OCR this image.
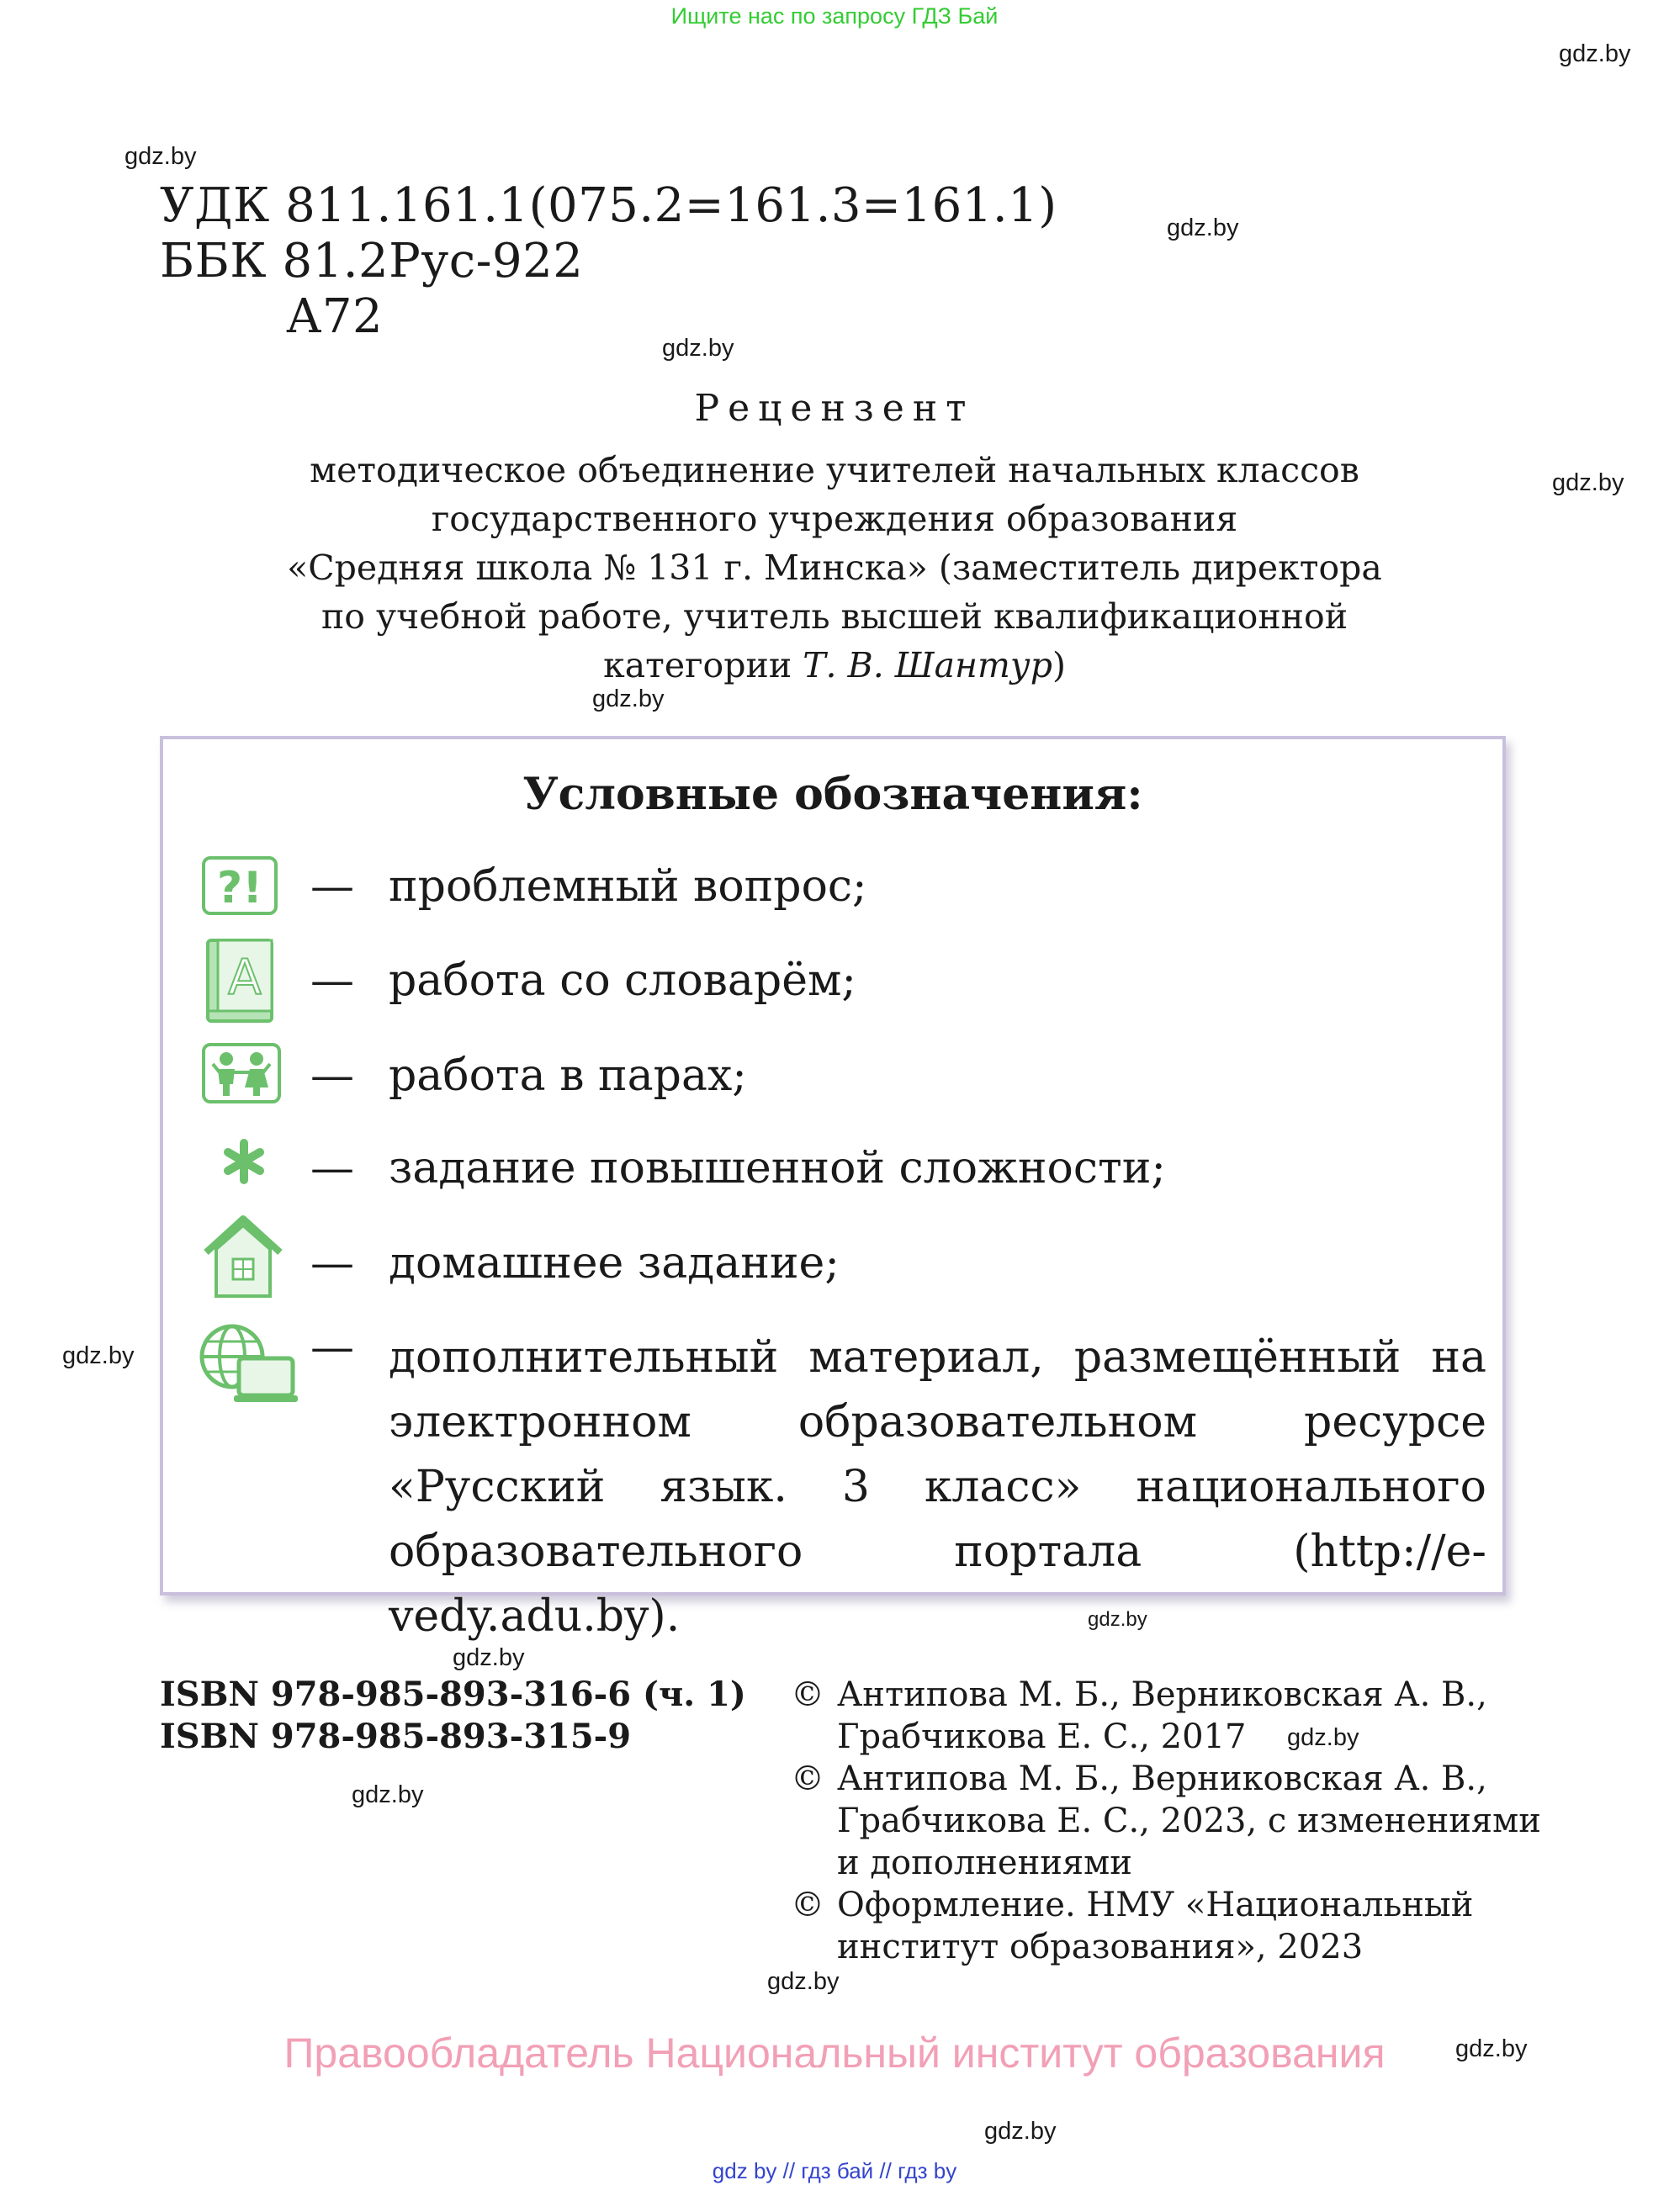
Ищите нас по запросу ГДЗ Бай
gdz.by
gdz.by
gdz.by
gdz.by
gdz.by
gdz.by
gdz.by
gdz.by
gdz.by
gdz.by
gdz.by
gdz.by
gdz.by
gdz.by
УДК 811.161.1(075.2=161.3=161.1)
ББК 81.2Рус-922
А72
Рецензент
методическое объединение учителей начальных классов
государственного учреждения образования
«Средняя школа № 131 г. Минска» (заместитель директора
по учебной работе, учитель высшей квалификационной
категории Т. В. Шантур)
Условные обозначения:
?! — проблемный вопрос;
А — работа со словарём;
— работа в парах;
— задание повышенной сложности;
— домашнее задание;
— дополнительный материал, размещённый на электронном образовательном ресурсе «Русский язык. 3 класс» национального образовательного портала (http://e-vedy.adu.by).
ISBN 978-985-893-316-6 (ч. 1)
ISBN 978-985-893-315-9
© Антипова М. Б., Верниковская А. В.,
Грабчикова Е. С., 2017
© Антипова М. Б., Верниковская А. В.,
Грабчикова Е. С., 2023, с изменениями
и дополнениями
© Оформление. НМУ «Национальный
институт образования», 2023
Правообладатель Национальный институт образования
gdz by // гдз бай // гдз by
